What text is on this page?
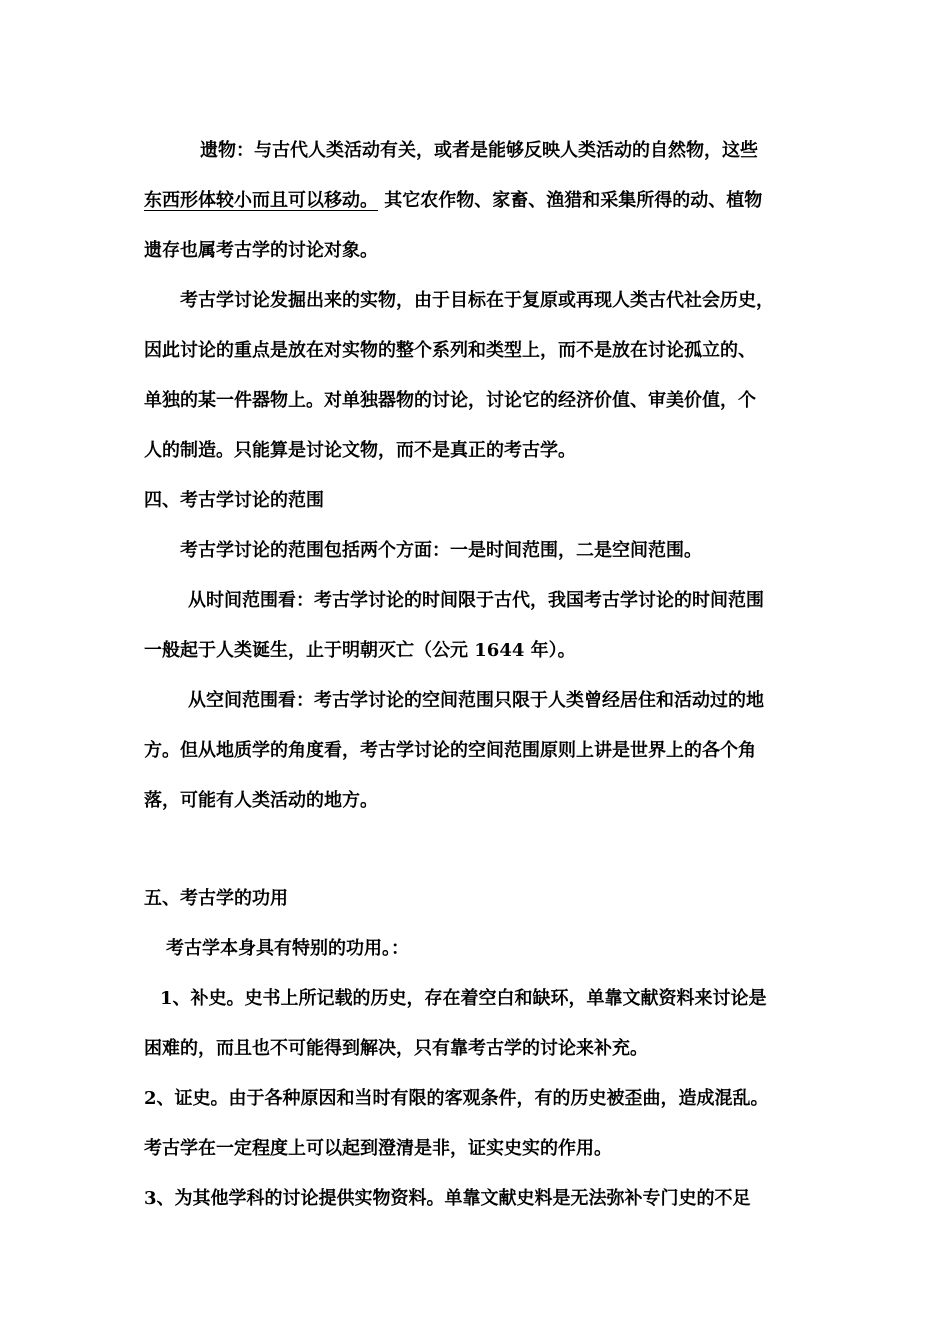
遗物：与古代人类活动有关，或者是能够反映人类活动的自然物，这些

东西形体较小而且可以移动。 其它农作物、家畜、渔猎和采集所得的动、植物

遗存也属考古学的讨论对象。

考古学讨论发掘出来的实物，由于目标在于复原或再现人类古代社会历史，

因此讨论的重点是放在对实物的整个系列和类型上，而不是放在讨论孤立的、

单独的某一件器物上。对单独器物的讨论，讨论它的经济价值、审美价值，个

人的制造。只能算是讨论文物，而不是真正的考古学。

四、考古学讨论的范围

考古学讨论的范围包括两个方面：一是时间范围，二是空间范围。

从时间范围看：考古学讨论的时间限于古代，我国考古学讨论的时间范围

一般起于人类诞生，止于明朝灭亡（公元 1644 年）。

从空间范围看：考古学讨论的空间范围只限于人类曾经居住和活动过的地

方。但从地质学的角度看，考古学讨论的空间范围原则上讲是世界上的各个角

落，可能有人类活动的地方。

五、考古学的功用

考古学本身具有特别的功用。：

1、补史。史书上所记载的历史，存在着空白和缺环，单靠文献资料来讨论是

困难的，而且也不可能得到解决，只有靠考古学的讨论来补充。

2、证史。由于各种原因和当时有限的客观条件，有的历史被歪曲，造成混乱。

考古学在一定程度上可以起到澄清是非，证实史实的作用。

3、为其他学科的讨论提供实物资料。单靠文献史料是无法弥补专门史的不足
